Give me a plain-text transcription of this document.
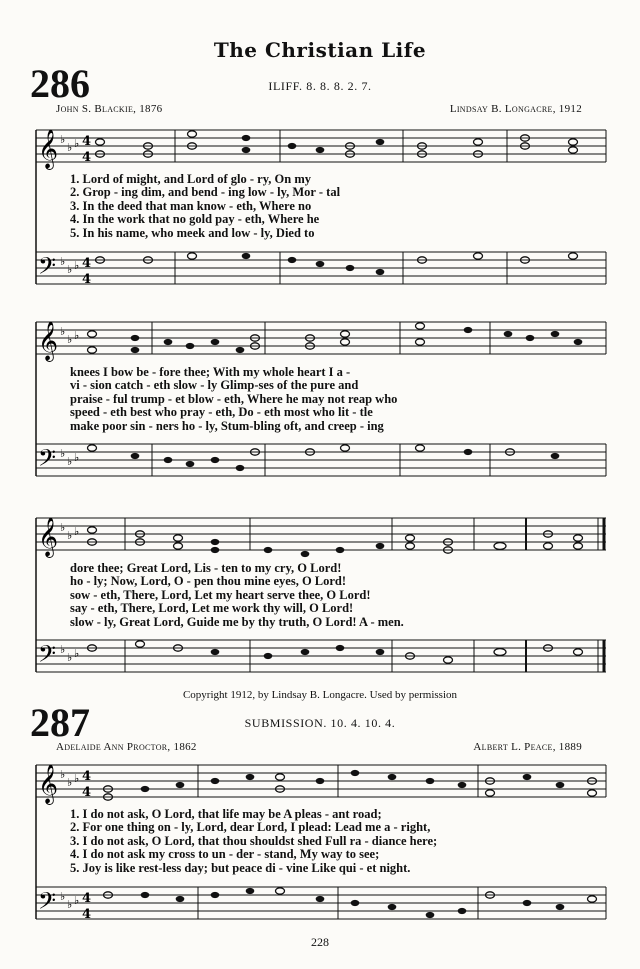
The Christian Life
286	ILIFF. 8. 8. 8. 2. 7.
John S. Blackie, 1876	Lindsay B. Longacre, 1912
𝄞
𝄢
♭
♭ ♭
♭
♭ ♭
4
4
4
4
1. Lord of might, and Lord of glo - ry, On my
2. Grop - ing dim, and bend - ing low - ly, Mor - tal
3. In the deed that man know - eth, Where no
4. In the work that no gold pay - eth, Where he
5. In his name, who meek and low - ly, Died to
𝄞
𝄢
♭
♭ ♭
♭
♭ ♭
knees I bow be - fore thee; With my whole heart I a -
vi - sion catch - eth slow - ly Glimp-ses of the pure and
praise - ful trump - et blow - eth, Where he may not reap who
speed - eth best who pray - eth, Do - eth most who lit - tle
make poor sin - ners ho - ly, Stum-bling oft, and creep - ing
𝄞
𝄢
♭
♭ ♭
♭
♭ ♭
dore thee; Great Lord, Lis - ten to my cry, O Lord!
ho - ly; Now, Lord, O - pen thou mine eyes, O Lord!
sow - eth, There, Lord, Let my heart serve thee, O Lord!
say - eth, There, Lord, Let me work thy will, O Lord!
slow - ly, Great Lord, Guide me by thy truth, O Lord! A - men.
Copyright 1912, by Lindsay B. Longacre. Used by permission
287	SUBMISSION. 10. 4. 10. 4.
Adelaide Ann Proctor, 1862	Albert L. Peace, 1889
𝄞
𝄢
♭
♭ ♭
♭
♭ ♭
4
4
4
4
1. I do not ask, O Lord, that life may be A pleas - ant road;
2. For one thing on - ly, Lord, dear Lord, I plead: Lead me a - right,
3. I do not ask, O Lord, that thou shouldst shed Full ra - diance here;
4. I do not ask my cross to un - der - stand, My way to see;
5. Joy is like rest-less day; but peace di - vine Like qui - et night.
228
